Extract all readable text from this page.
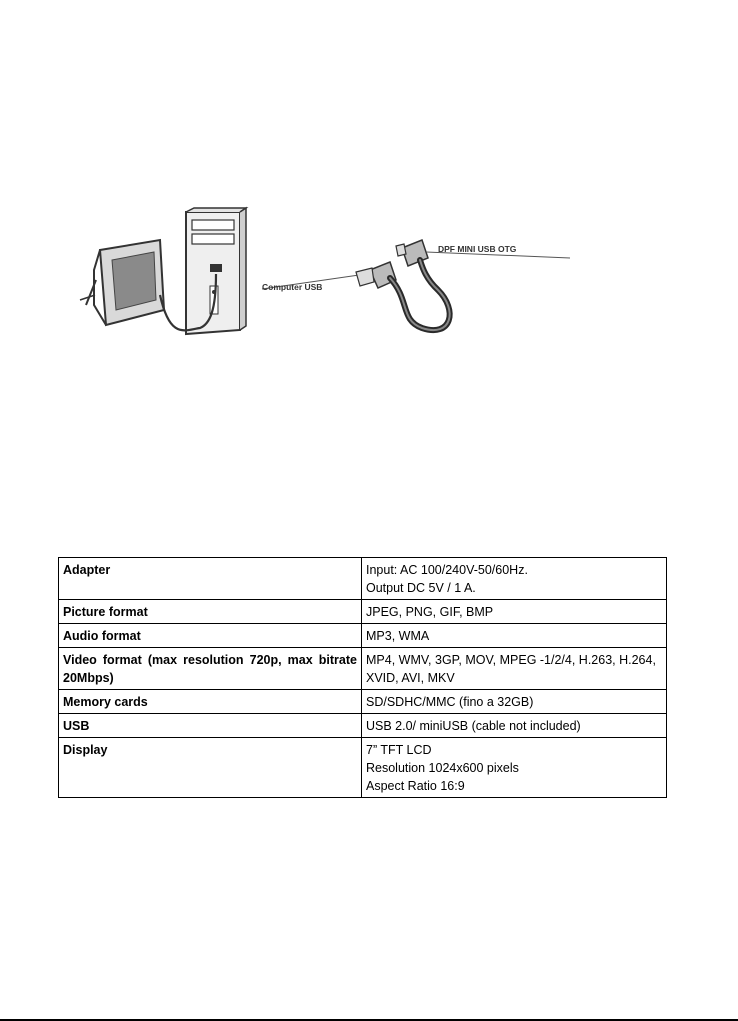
Computer USB
DPF MINI USB OTG
Adapter	Input: AC 100/240V-50/60Hz.
Output DC 5V / 1 A.

Picture format	JPEG, PNG, GIF, BMP

Audio format	MP3, WMA

Video format (max resolution 720p, max bitrate 20Mbps)	MP4, WMV, 3GP, MOV, MPEG -1/2/4, H.263, H.264, XVID, AVI, MKV

Memory cards	SD/SDHC/MMC (fino a 32GB)

USB	USB 2.0/ miniUSB (cable not included)

Display	7” TFT LCD
Resolution 1024x600 pixels
Aspect Ratio 16:9
